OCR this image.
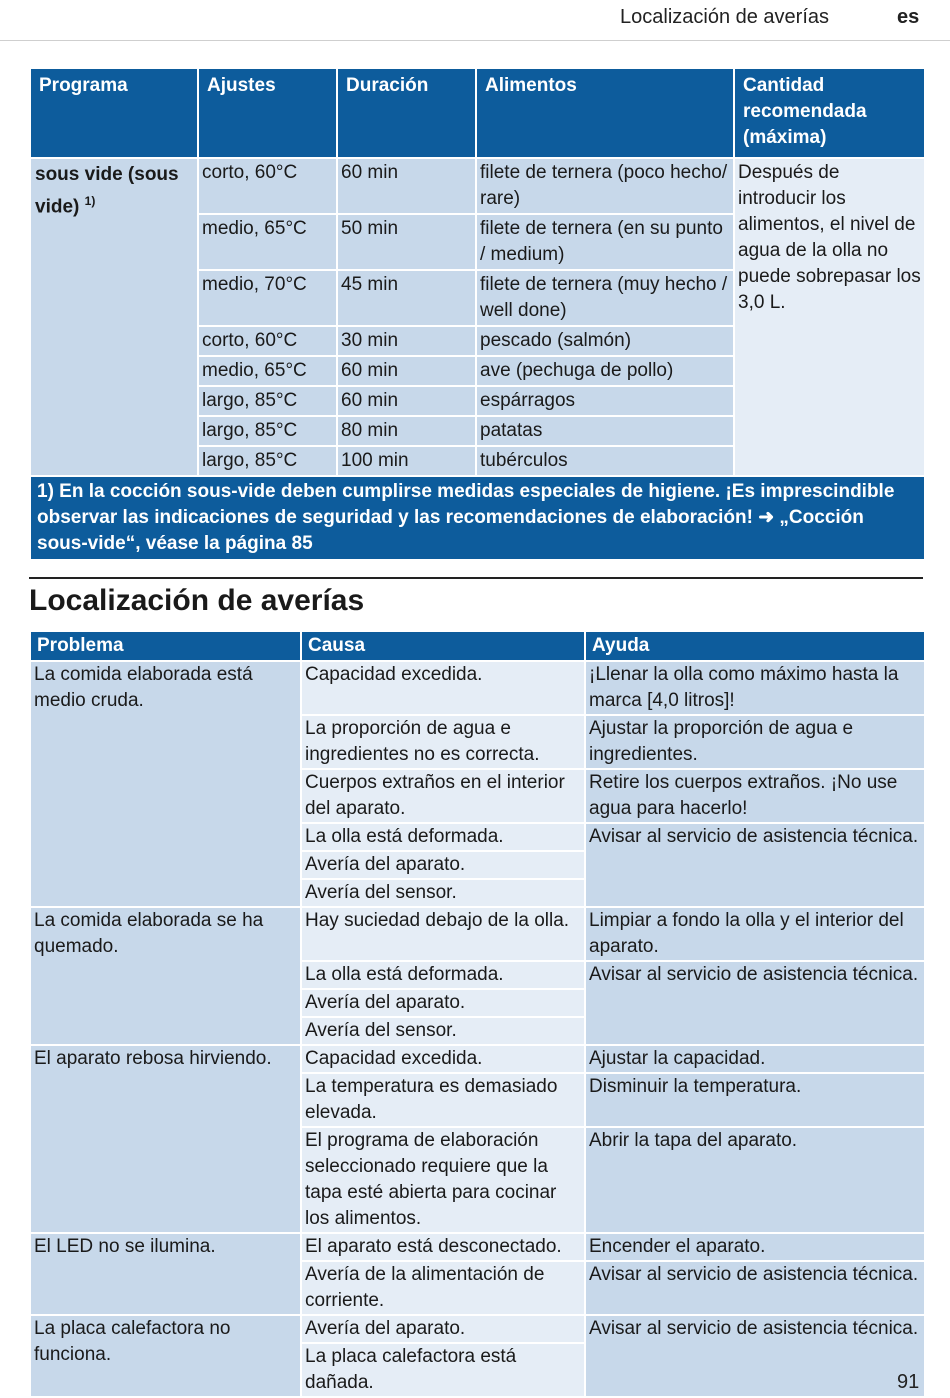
Localización de averías	es
Programa	Ajustes	Duración	Alimentos	Cantidad recomendada (máxima)
sous vide (sous vide) $^{1)}$	corto, 60°C	60 min	filete de ternera (poco hecho/ rare)	Después de introducir los alimentos, el nivel de agua de la olla no puede sobrepasar los 3,0 L.
	medio, 65°C	50 min	filete de ternera (en su punto / medium)	
	medio, 70°C	45 min	filete de ternera (muy hecho / well done)	
	corto, 60°C	30 min	pescado (salmón)	
	medio, 65°C	60 min	ave (pechuga de pollo)	
	largo, 85°C	60 min	espárragos	
	largo, 85°C	80 min	patatas	
	largo, 85°C	100 min	tubérculos	
1) En la cocción sous-vide deben cumplirse medidas especiales de higiene. ¡Es imprescindible observar las indicaciones de seguridad y las recomendaciones de elaboración! ➜ „Cocción sous-vide“, véase la página 85				
Localización de averías
Problema	Causa	Ayuda
La comida elaborada está medio cruda.	Capacidad excedida.	¡Llenar la olla como máximo hasta la marca [4,0 litros]!
	La proporción de agua e ingredientes no es correcta.	Ajustar la proporción de agua e ingredientes.
	Cuerpos extraños en el interior del aparato.	Retire los cuerpos extraños. ¡No use agua para hacerlo!
	La olla está deformada.	Avisar al servicio de asistencia técnica.
	Avería del aparato.	
	Avería del sensor.	
La comida elaborada se ha quemado.	Hay suciedad debajo de la olla.	Limpiar a fondo la olla y el interior del aparato.
	La olla está deformada.	Avisar al servicio de asistencia técnica.
	Avería del aparato.	
	Avería del sensor.	
El aparato rebosa hirviendo.	Capacidad excedida.	Ajustar la capacidad.
	La temperatura es demasiado elevada.	Disminuir la temperatura.
	El programa de elaboración seleccionado requiere que la tapa esté abierta para cocinar los alimentos.	Abrir la tapa del aparato.
El LED no se ilumina.	El aparato está desconectado.	Encender el aparato.
	Avería de la alimentación de corriente.	Avisar al servicio de asistencia técnica.
La placa calefactora no funciona.	Avería del aparato.	Avisar al servicio de asistencia técnica.
	La placa calefactora está dañada.		91
